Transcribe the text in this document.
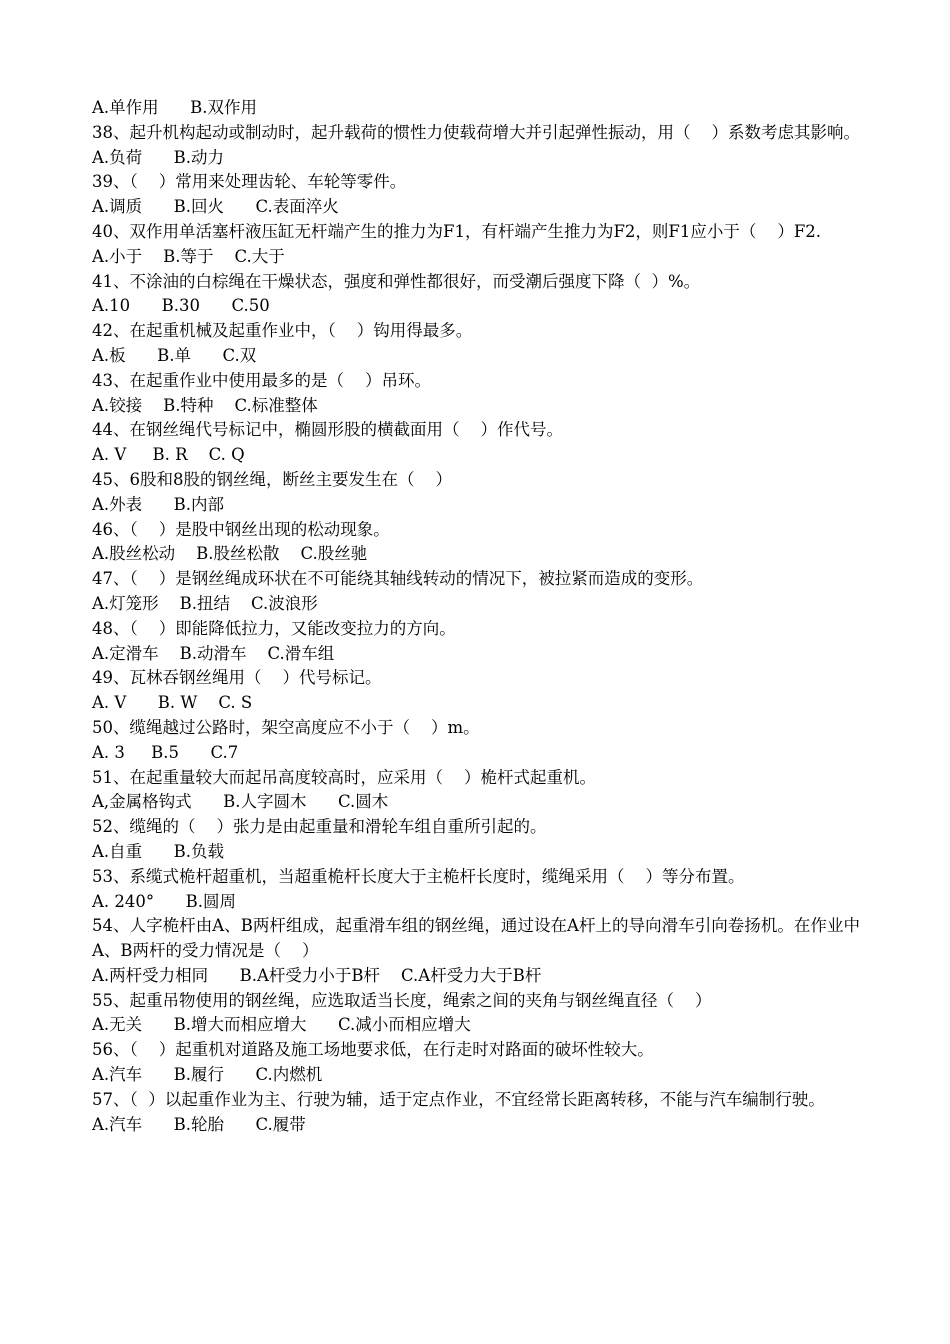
A.单作用      B.双作用
38、起升机构起动或制动时，起升载荷的惯性力使载荷增大并引起弹性振动，用（    ）系数考虑其影响。
A.负荷      B.动力
39、（    ）常用来处理齿轮、车轮等零件。
A.调质      B.回火      C.表面淬火
40、双作用单活塞杆液压缸无杆端产生的推力为F1，有杆端产生推力为F2，则F1应小于（    ）F2.
A.小于    B.等于    C.大于
41、不涂油的白棕绳在干燥状态，强度和弹性都很好，而受潮后强度下降（  ）%。
A.10      B.30      C.50
42、在起重机械及起重作业中，（    ）钩用得最多。
A.板      B.单      C.双
43、在起重作业中使用最多的是（    ）吊环。
A.铰接    B.特种    C.标准整体
44、在钢丝绳代号标记中，椭圆形股的横截面用（    ）作代号。
A. V     B. R    C. Q
45、6股和8股的钢丝绳，断丝主要发生在（    ）
A.外表      B.内部
46、（    ）是股中钢丝出现的松动现象。
A.股丝松动    B.股丝松散    C.股丝驰
47、（    ）是钢丝绳成环状在不可能绕其轴线转动的情况下，被拉紧而造成的变形。
A.灯笼形    B.扭结    C.波浪形
48、（    ）即能降低拉力，又能改变拉力的方向。
A.定滑车    B.动滑车    C.滑车组
49、瓦林吞钢丝绳用（    ）代号标记。
A. V      B. W    C. S
50、缆绳越过公路时，架空高度应不小于（    ）m。
A. 3     B.5      C.7
51、在起重量较大而起吊高度较高时，应采用（    ）桅杆式起重机。
A,金属格钩式      B.人字圆木      C.圆木
52、缆绳的（    ）张力是由起重量和滑轮车组自重所引起的。
A.自重      B.负载
53、系缆式桅杆超重机，当超重桅杆长度大于主桅杆长度时，缆绳采用（    ）等分布置。
A. 240°      B.圆周
54、人字桅杆由A、B两杆组成，起重滑车组的钢丝绳，通过设在A杆上的导向滑车引向卷扬机。在作业中A、B两杆的受力情况是（    ）
A.两杆受力相同      B.A杆受力小于B杆    C.A杆受力大于B杆
55、起重吊物使用的钢丝绳，应选取适当长度，绳索之间的夹角与钢丝绳直径（    ）
A.无关      B.增大而相应增大      C.减小而相应增大
56、（    ）起重机对道路及施工场地要求低，在行走时对路面的破坏性较大。
A.汽车      B.履行      C.内燃机
57、（  ）以起重作业为主、行驶为辅，适于定点作业，不宜经常长距离转移，不能与汽车编制行驶。
A.汽车      B.轮胎      C.履带
